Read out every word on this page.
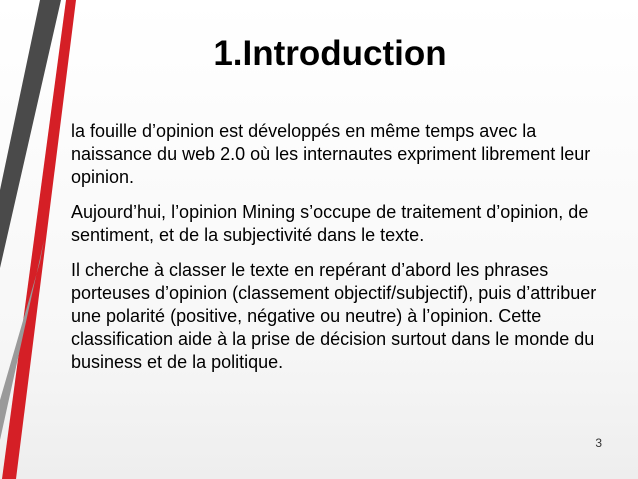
1.Introduction

la fouille d’opinion est développés en même temps avec la naissance du web 2.0 où les internautes expriment librement leur opinion.

Aujourd’hui, l’opinion Mining s’occupe de traitement d’opinion, de sentiment, et de la subjectivité dans le texte.

Il cherche à classer le texte en repérant d’abord les phrases porteuses d’opinion (classement objectif/subjectif), puis d’attribuer une polarité (positive, négative ou neutre) à l’opinion. Cette classification aide à la prise de décision surtout dans le monde du business et de la politique.

3
